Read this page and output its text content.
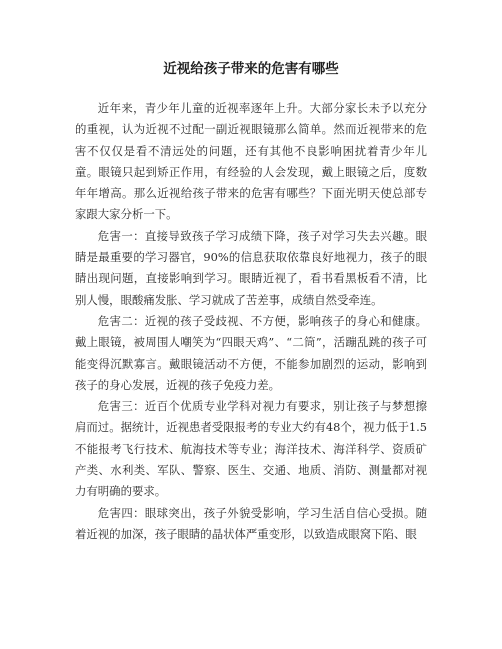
近视给孩子带来的危害有哪些

近年来，青少年儿童的近视率逐年上升。大部分家长未予以充分的重视，认为近视不过配一副近视眼镜那么简单。然而近视带来的危害不仅仅是看不清远处的问题，还有其他不良影响困扰着青少年儿童。眼镜只起到矫正作用，有经验的人会发现，戴上眼镜之后，度数年年增高。那么近视给孩子带来的危害有哪些？下面光明天使总部专家跟大家分析一下。

危害一：直接导致孩子学习成绩下降，孩子对学习失去兴趣。眼睛是最重要的学习器官，90%的信息获取依靠良好地视力，孩子的眼睛出现问题，直接影响到学习。眼睛近视了，看书看黑板看不清，比别人慢，眼酸痛发胀、学习就成了苦差事，成绩自然受牵连。

危害二：近视的孩子受歧视、不方便，影响孩子的身心和健康。戴上眼镜，被周围人嘲笑为“四眼天鸡”、“二筒”，活蹦乱跳的孩子可能变得沉默寡言。戴眼镜活动不方便，不能参加剧烈的运动，影响到孩子的身心发展，近视的孩子免疫力差。

危害三：近百个优质专业学科对视力有要求，别让孩子与梦想擦肩而过。据统计，近视患者受限报考的专业大约有48个，视力低于1.5不能报考飞行技术、航海技术等专业；海洋技术、海洋科学、资质矿产类、水利类、军队、警察、医生、交通、地质、消防、测量都对视力有明确的要求。

危害四：眼球突出，孩子外貌受影响，学习生活自信心受损。随着近视的加深，孩子眼睛的晶状体严重变形，以致造成眼窝下陷、眼
